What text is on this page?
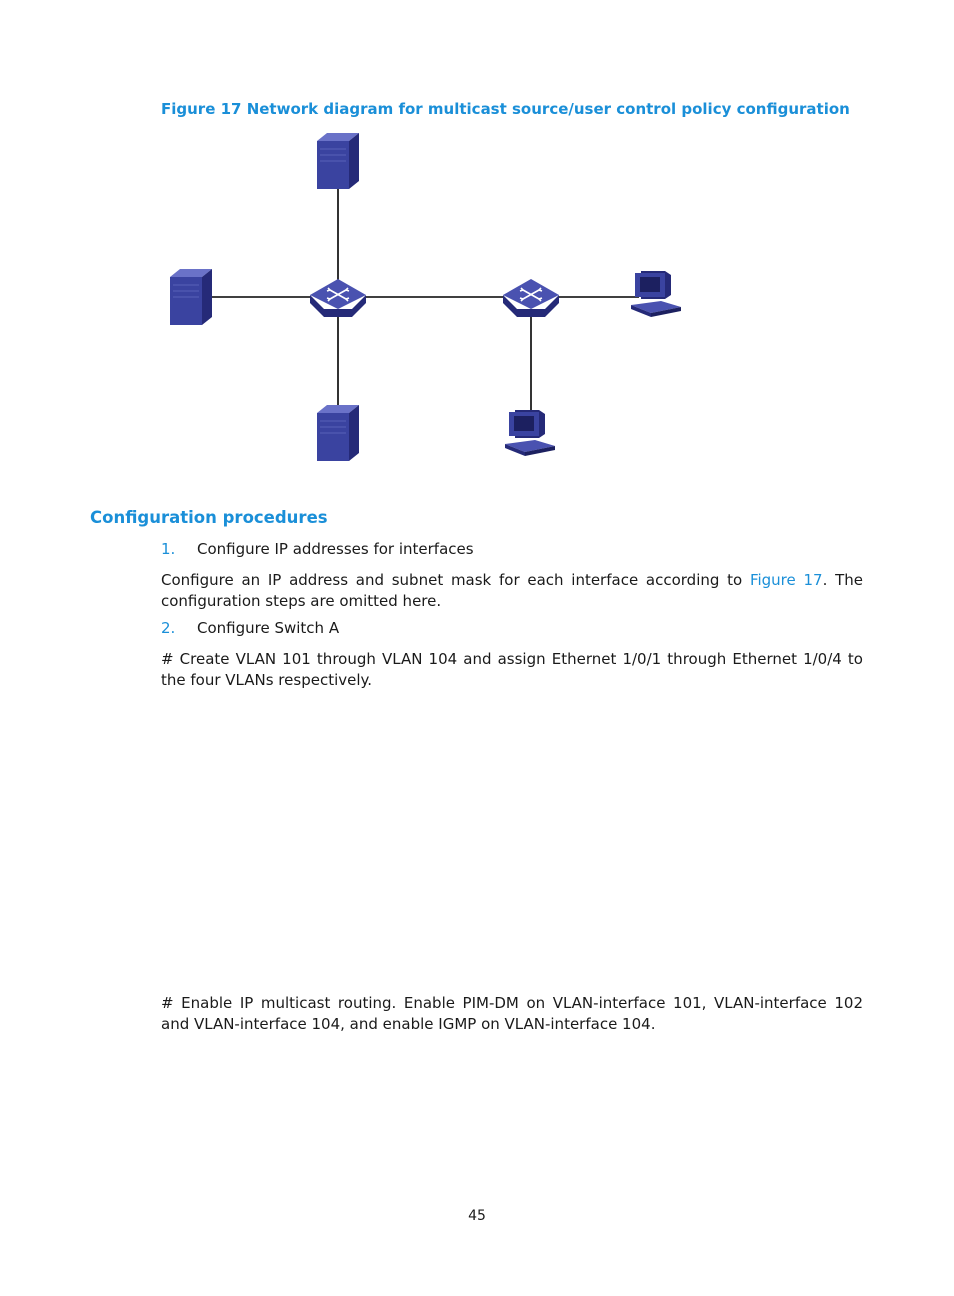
Figure 17 Network diagram for multicast source/user control policy configuration
Configuration procedures
1. Configure IP addresses for interfaces
Configure an IP address and subnet mask for each interface according to Figure 17. The configuration steps are omitted here.
2. Configure Switch A
# Create VLAN 101 through VLAN 104 and assign Ethernet 1/0/1 through Ethernet 1/0/4 to the four VLANs respectively.
# Enable IP multicast routing. Enable PIM-DM on VLAN-interface 101, VLAN-interface 102 and VLAN-interface 104, and enable IGMP on VLAN-interface 104.
45
